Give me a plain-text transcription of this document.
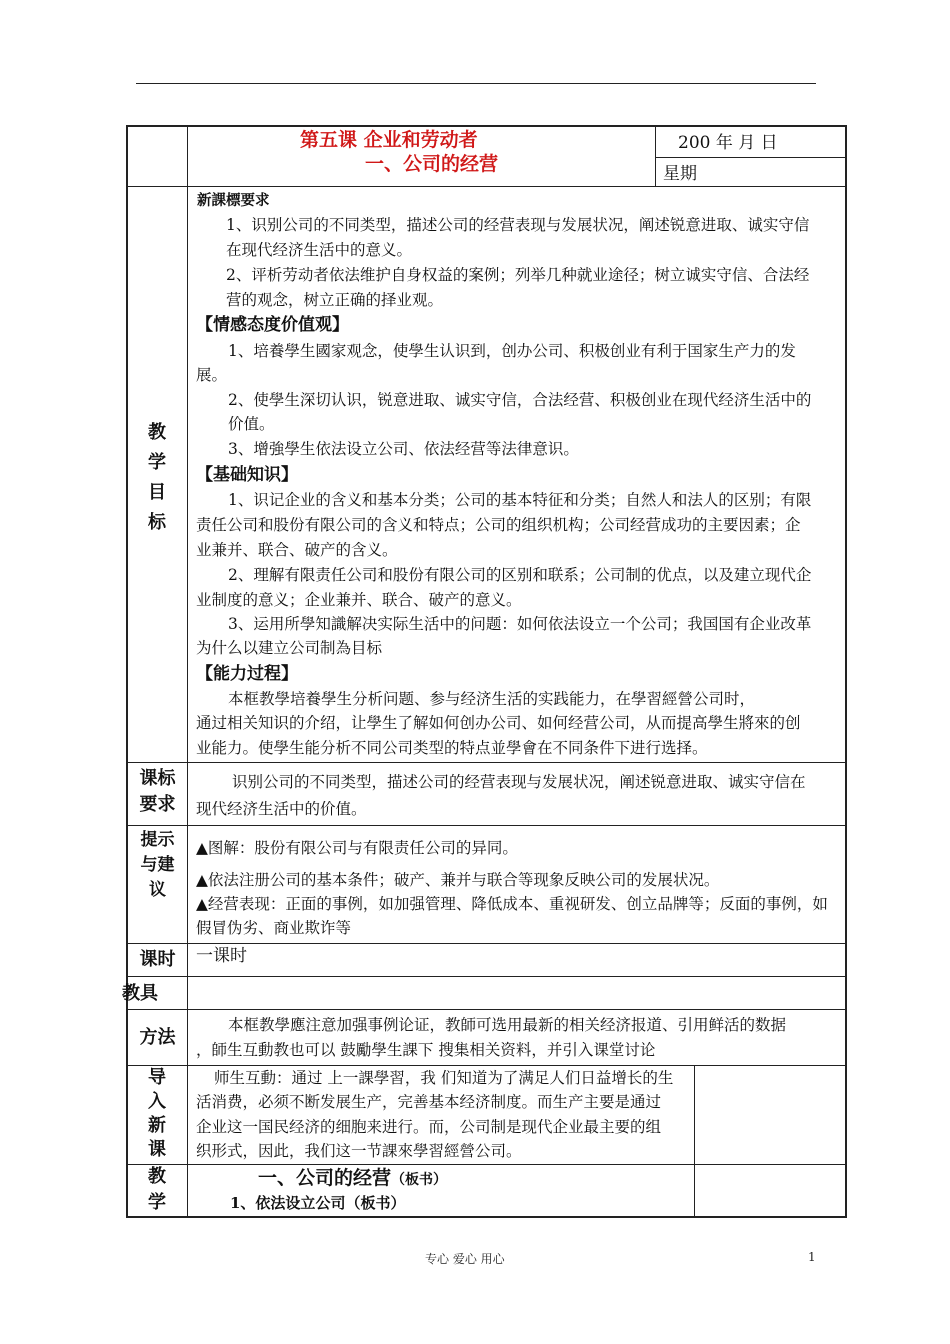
第五课 企业和劳动者
一、公司的经营
200 年 月 日
星期
教
学
目
标
新課標要求
1、识别公司的不同类型，描述公司的经营表现与发展状况，阐述锐意进取、诚实守信
在现代经济生活中的意义。
2、评析劳动者依法维护自身权益的案例；列举几种就业途径；树立诚实守信、合法经
营的观念，树立正确的择业观。
【情感态度价值观】
1、培養學生國家观念，使學生认识到，创办公司、积极创业有利于国家生产力的发
展。
2、使學生深切认识，锐意进取、诚实守信，合法经营、积极创业在现代经济生活中的
价值。
3、增強學生依法设立公司、依法经营等法律意识。
【基础知识】
1、识记企业的含义和基本分类；公司的基本特征和分类；自然人和法人的区别；有限
责任公司和股份有限公司的含义和特点；公司的组织机构；公司经营成功的主要因素；企
业兼并、联合、破产的含义。
2、理解有限责任公司和股份有限公司的区别和联系；公司制的优点，以及建立现代企
业制度的意义；企业兼并、联合、破产的意义。
3、运用所學知識解决实际生活中的问题：如何依法设立一个公司；我国国有企业改革
为什么以建立公司制為目标
【能力过程】
本框教學培養學生分析问题、参与经济生活的实践能力，在學習經營公司时，
通过相关知识的介绍，让學生了解如何创办公司、如何经营公司，从而提高學生將來的创
业能力。使學生能分析不同公司类型的特点並學會在不同条件下进行选择。
课标
要求
识别公司的不同类型，描述公司的经营表现与发展状况，阐述锐意进取、诚实守信在
现代经济生活中的价值。
提示
与建
议
▲图解：股份有限公司与有限责任公司的异同。
▲依法注册公司的基本条件；破产、兼并与联合等现象反映公司的发展状况。
▲经营表现：正面的事例，如加强管理、降低成本、重视研发、创立品牌等；反面的事例，如
假冒伪劣、商业欺诈等
课时	一课时
教具
方法
本框教學應注意加强事例论证，教師可选用最新的相关经济报道、引用鲜活的数据
，師生互動教也可以 鼓勵學生課下 搜集相关资料，并引入课堂讨论
导
入
新
课
师生互動：通过 上一課學習，我 们知道为了满足人们日益增长的生
活消费，必须不断发展生产，完善基本经济制度。而生产主要是通过
企业这一国民经济的细胞来进行。而，公司制是现代企业最主要的组
织形式，因此，我们这一节課來學習經營公司。
教
学
一、公司的经营（板书）
1、依法设立公司（板书）
专心 爱心 用心	1
